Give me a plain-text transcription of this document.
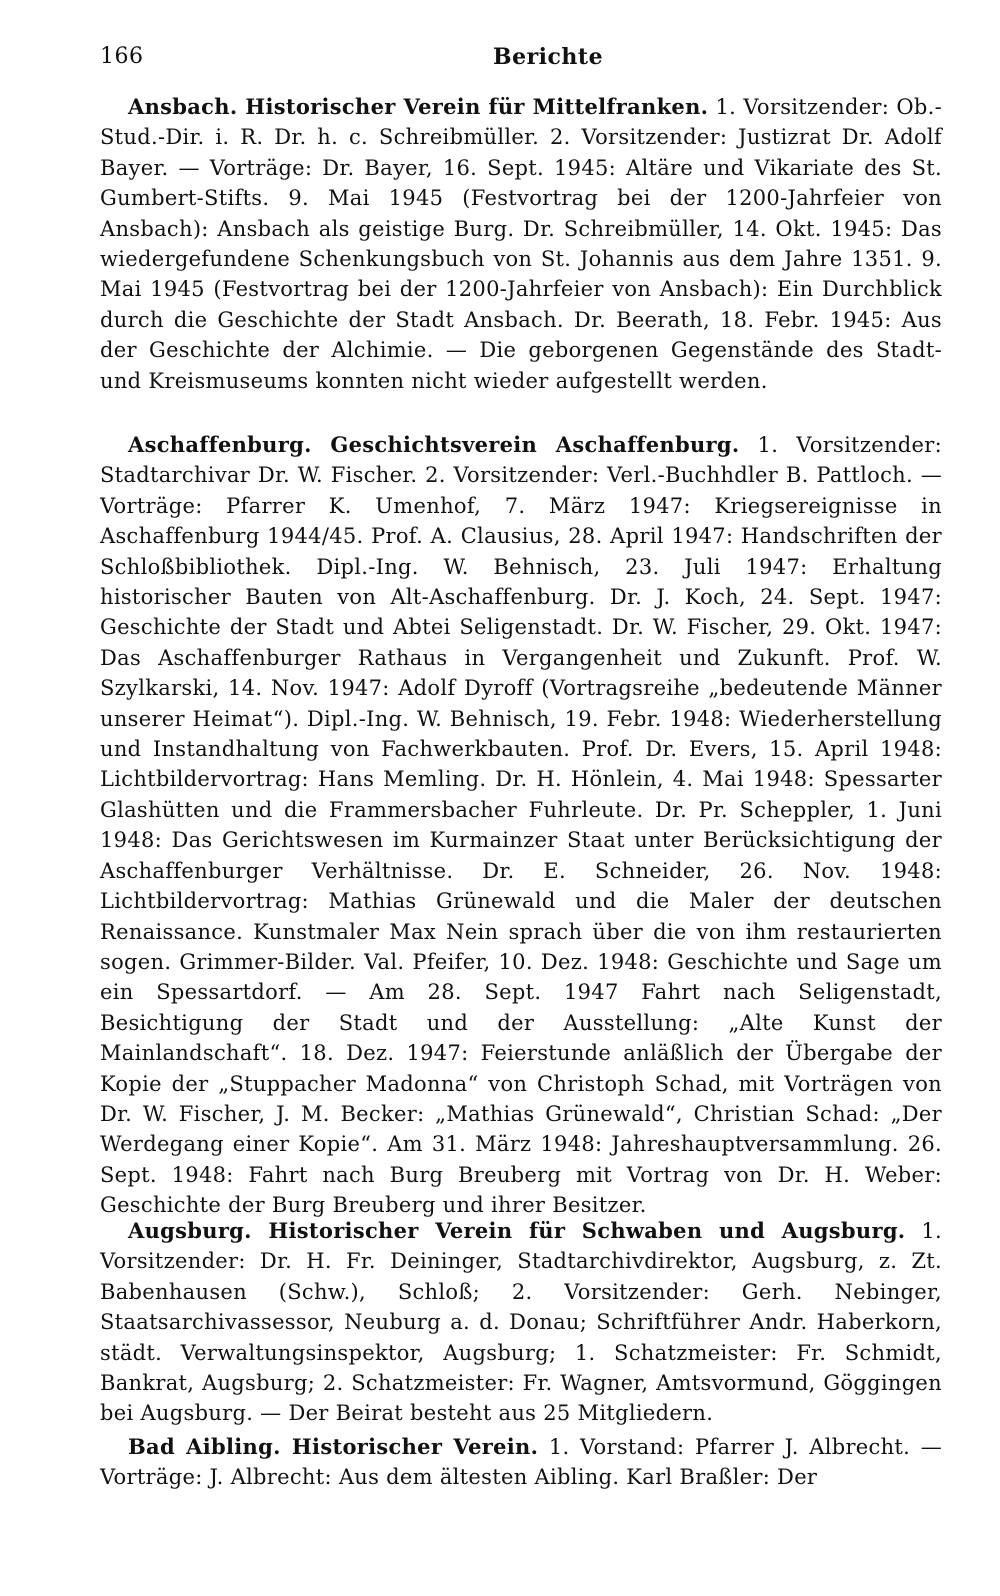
166	Berichte

Ansbach. Historischer Verein für Mittelfranken. 1. Vorsitzender: Ob.-Stud.-Dir. i. R. Dr. h. c. Schreibmüller. 2. Vorsitzender: Justizrat Dr. Adolf Bayer. — Vorträge: Dr. Bayer, 16. Sept. 1945: Altäre und Vikariate des St. Gumbert-Stifts. 9. Mai 1945 (Festvortrag bei der 1200-Jahrfeier von Ansbach): Ansbach als geistige Burg. Dr. Schreibmüller, 14. Okt. 1945: Das wiedergefundene Schenkungsbuch von St. Johannis aus dem Jahre 1351. 9. Mai 1945 (Festvortrag bei der 1200-Jahrfeier von Ansbach): Ein Durchblick durch die Geschichte der Stadt Ansbach. Dr. Beerath, 18. Febr. 1945: Aus der Geschichte der Alchimie. — Die geborgenen Gegenstände des Stadt- und Kreismuseums konnten nicht wieder aufgestellt werden.

Aschaffenburg. Geschichtsverein Aschaffenburg. 1. Vorsitzender: Stadtarchivar Dr. W. Fischer. 2. Vorsitzender: Verl.-Buchhdler B. Pattloch. — Vorträge: Pfarrer K. Umenhof, 7. März 1947: Kriegsereignisse in Aschaffenburg 1944/45. Prof. A. Clausius, 28. April 1947: Handschriften der Schloßbibliothek. Dipl.-Ing. W. Behnisch, 23. Juli 1947: Erhaltung historischer Bauten von Alt-Aschaffenburg. Dr. J. Koch, 24. Sept. 1947: Geschichte der Stadt und Abtei Seligenstadt. Dr. W. Fischer, 29. Okt. 1947: Das Aschaffenburger Rathaus in Vergangenheit und Zukunft. Prof. W. Szylkarski, 14. Nov. 1947: Adolf Dyroff (Vortragsreihe „bedeutende Männer unserer Heimat“). Dipl.-Ing. W. Behnisch, 19. Febr. 1948: Wiederherstellung und Instandhaltung von Fachwerkbauten. Prof. Dr. Evers, 15. April 1948: Lichtbildervortrag: Hans Memling. Dr. H. Hönlein, 4. Mai 1948: Spessarter Glashütten und die Frammersbacher Fuhrleute. Dr. Pr. Scheppler, 1. Juni 1948: Das Gerichtswesen im Kurmainzer Staat unter Berücksichtigung der Aschaffenburger Verhältnisse. Dr. E. Schneider, 26. Nov. 1948: Lichtbildervortrag: Mathias Grünewald und die Maler der deutschen Renaissance. Kunstmaler Max Nein sprach über die von ihm restaurierten sogen. Grimmer-Bilder. Val. Pfeifer, 10. Dez. 1948: Geschichte und Sage um ein Spessartdorf. — Am 28. Sept. 1947 Fahrt nach Seligenstadt, Besichtigung der Stadt und der Ausstellung: „Alte Kunst der Mainlandschaft“. 18. Dez. 1947: Feierstunde anläßlich der Übergabe der Kopie der „Stuppacher Madonna“ von Christoph Schad, mit Vorträgen von Dr. W. Fischer, J. M. Becker: „Mathias Grünewald“, Christian Schad: „Der Werdegang einer Kopie“. Am 31. März 1948: Jahreshauptversammlung. 26. Sept. 1948: Fahrt nach Burg Breuberg mit Vortrag von Dr. H. Weber: Geschichte der Burg Breuberg und ihrer Besitzer.

Augsburg. Historischer Verein für Schwaben und Augsburg. 1. Vorsitzender: Dr. H. Fr. Deininger, Stadtarchivdirektor, Augsburg, z. Zt. Babenhausen (Schw.), Schloß; 2. Vorsitzender: Gerh. Nebinger, Staatsarchivassessor, Neuburg a. d. Donau; Schriftführer Andr. Haberkorn, städt. Verwaltungsinspektor, Augsburg; 1. Schatzmeister: Fr. Schmidt, Bankrat, Augsburg; 2. Schatzmeister: Fr. Wagner, Amtsvormund, Göggingen bei Augsburg. — Der Beirat besteht aus 25 Mitgliedern.

Bad Aibling. Historischer Verein. 1. Vorstand: Pfarrer J. Albrecht. — Vorträge: J. Albrecht: Aus dem ältesten Aibling. Karl Braßler: Der
